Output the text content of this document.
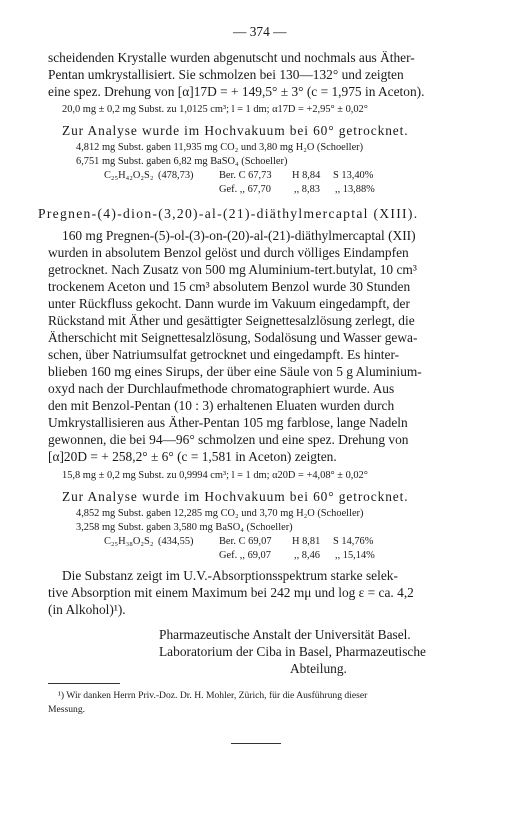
— 374 —
scheidenden Krystalle wurden abgenutscht und nochmals aus Äther-
Pentan umkrystallisiert. Sie schmolzen bei 130—132° und zeigten
eine spez. Drehung von [α]17D = + 149,5° ± 3° (c = 1,975 in Aceton).
20,0 mg ± 0,2 mg Subst. zu 1,0125 cm³; l = 1 dm; α17D = +2,95° ± 0,02°
Zur Analyse wurde im Hochvakuum bei 60° getrocknet.
4,812 mg Subst. gaben 11,935 mg CO₂ und 3,80 mg H₂O (Schoeller)
6,751 mg Subst. gaben 6,82 mg BaSO₄ (Schoeller)
C₂₅H₄₂O₂S₂ (478,73) Ber. C 67,73 H 8,84 S 13,40%
Gef. ,, 67,70 ,, 8,83 ,, 13,88%
Pregnen-(4)-dion-(3,20)-al-(21)-diäthylmercaptal (XIII).
160 mg Pregnen-(5)-ol-(3)-on-(20)-al-(21)-diäthylmercaptal (XII)
wurden in absolutem Benzol gelöst und durch völliges Eindampfen
getrocknet. Nach Zusatz von 500 mg Aluminium-tert.butylat, 10 cm³
trockenem Aceton und 15 cm³ absolutem Benzol wurde 30 Stunden
unter Rückfluss gekocht. Dann wurde im Vakuum eingedampft, der
Rückstand mit Äther und gesättigter Seignettesalzlösung zerlegt, die
Ätherschicht mit Seignettesalzlösung, Sodalösung und Wasser gewa-
schen, über Natriumsulfat getrocknet und eingedampft. Es hinter-
blieben 160 mg eines Sirups, der über eine Säule von 5 g Aluminium-
oxyd nach der Durchlaufmethode chromatographiert wurde. Aus
den mit Benzol-Pentan (10 : 3) erhaltenen Eluaten wurden durch
Umkrystallisieren aus Äther-Pentan 105 mg farblose, lange Nadeln
gewonnen, die bei 94—96° schmolzen und eine spez. Drehung von
[α]20D = + 258,2° ± 6° (c = 1,581 in Aceton) zeigten.
15,8 mg ± 0,2 mg Subst. zu 0,9994 cm³; l = 1 dm; α20D = +4,08° ± 0,02°
Zur Analyse wurde im Hochvakuum bei 60° getrocknet.
4,852 mg Subst. gaben 12,285 mg CO₂ und 3,70 mg H₂O (Schoeller)
3,258 mg Subst. gaben 3,580 mg BaSO₄ (Schoeller)
C₂₅H₃₈O₂S₂ (434,55) Ber. C 69,07 H 8,81 S 14,76%
Gef. ,, 69,07 ,, 8,46 ,, 15,14%
Die Substanz zeigt im U.V.-Absorptionsspektrum starke selek-
tive Absorption mit einem Maximum bei 242 mμ und log ε = ca. 4,2
(in Alkohol)¹).
Pharmazeutische Anstalt der Universität Basel.
Laboratorium der Ciba in Basel, Pharmazeutische
Abteilung.
¹) Wir danken Herrn Priv.-Doz. Dr. H. Mohler, Zürich, für die Ausführung dieser
Messung.
